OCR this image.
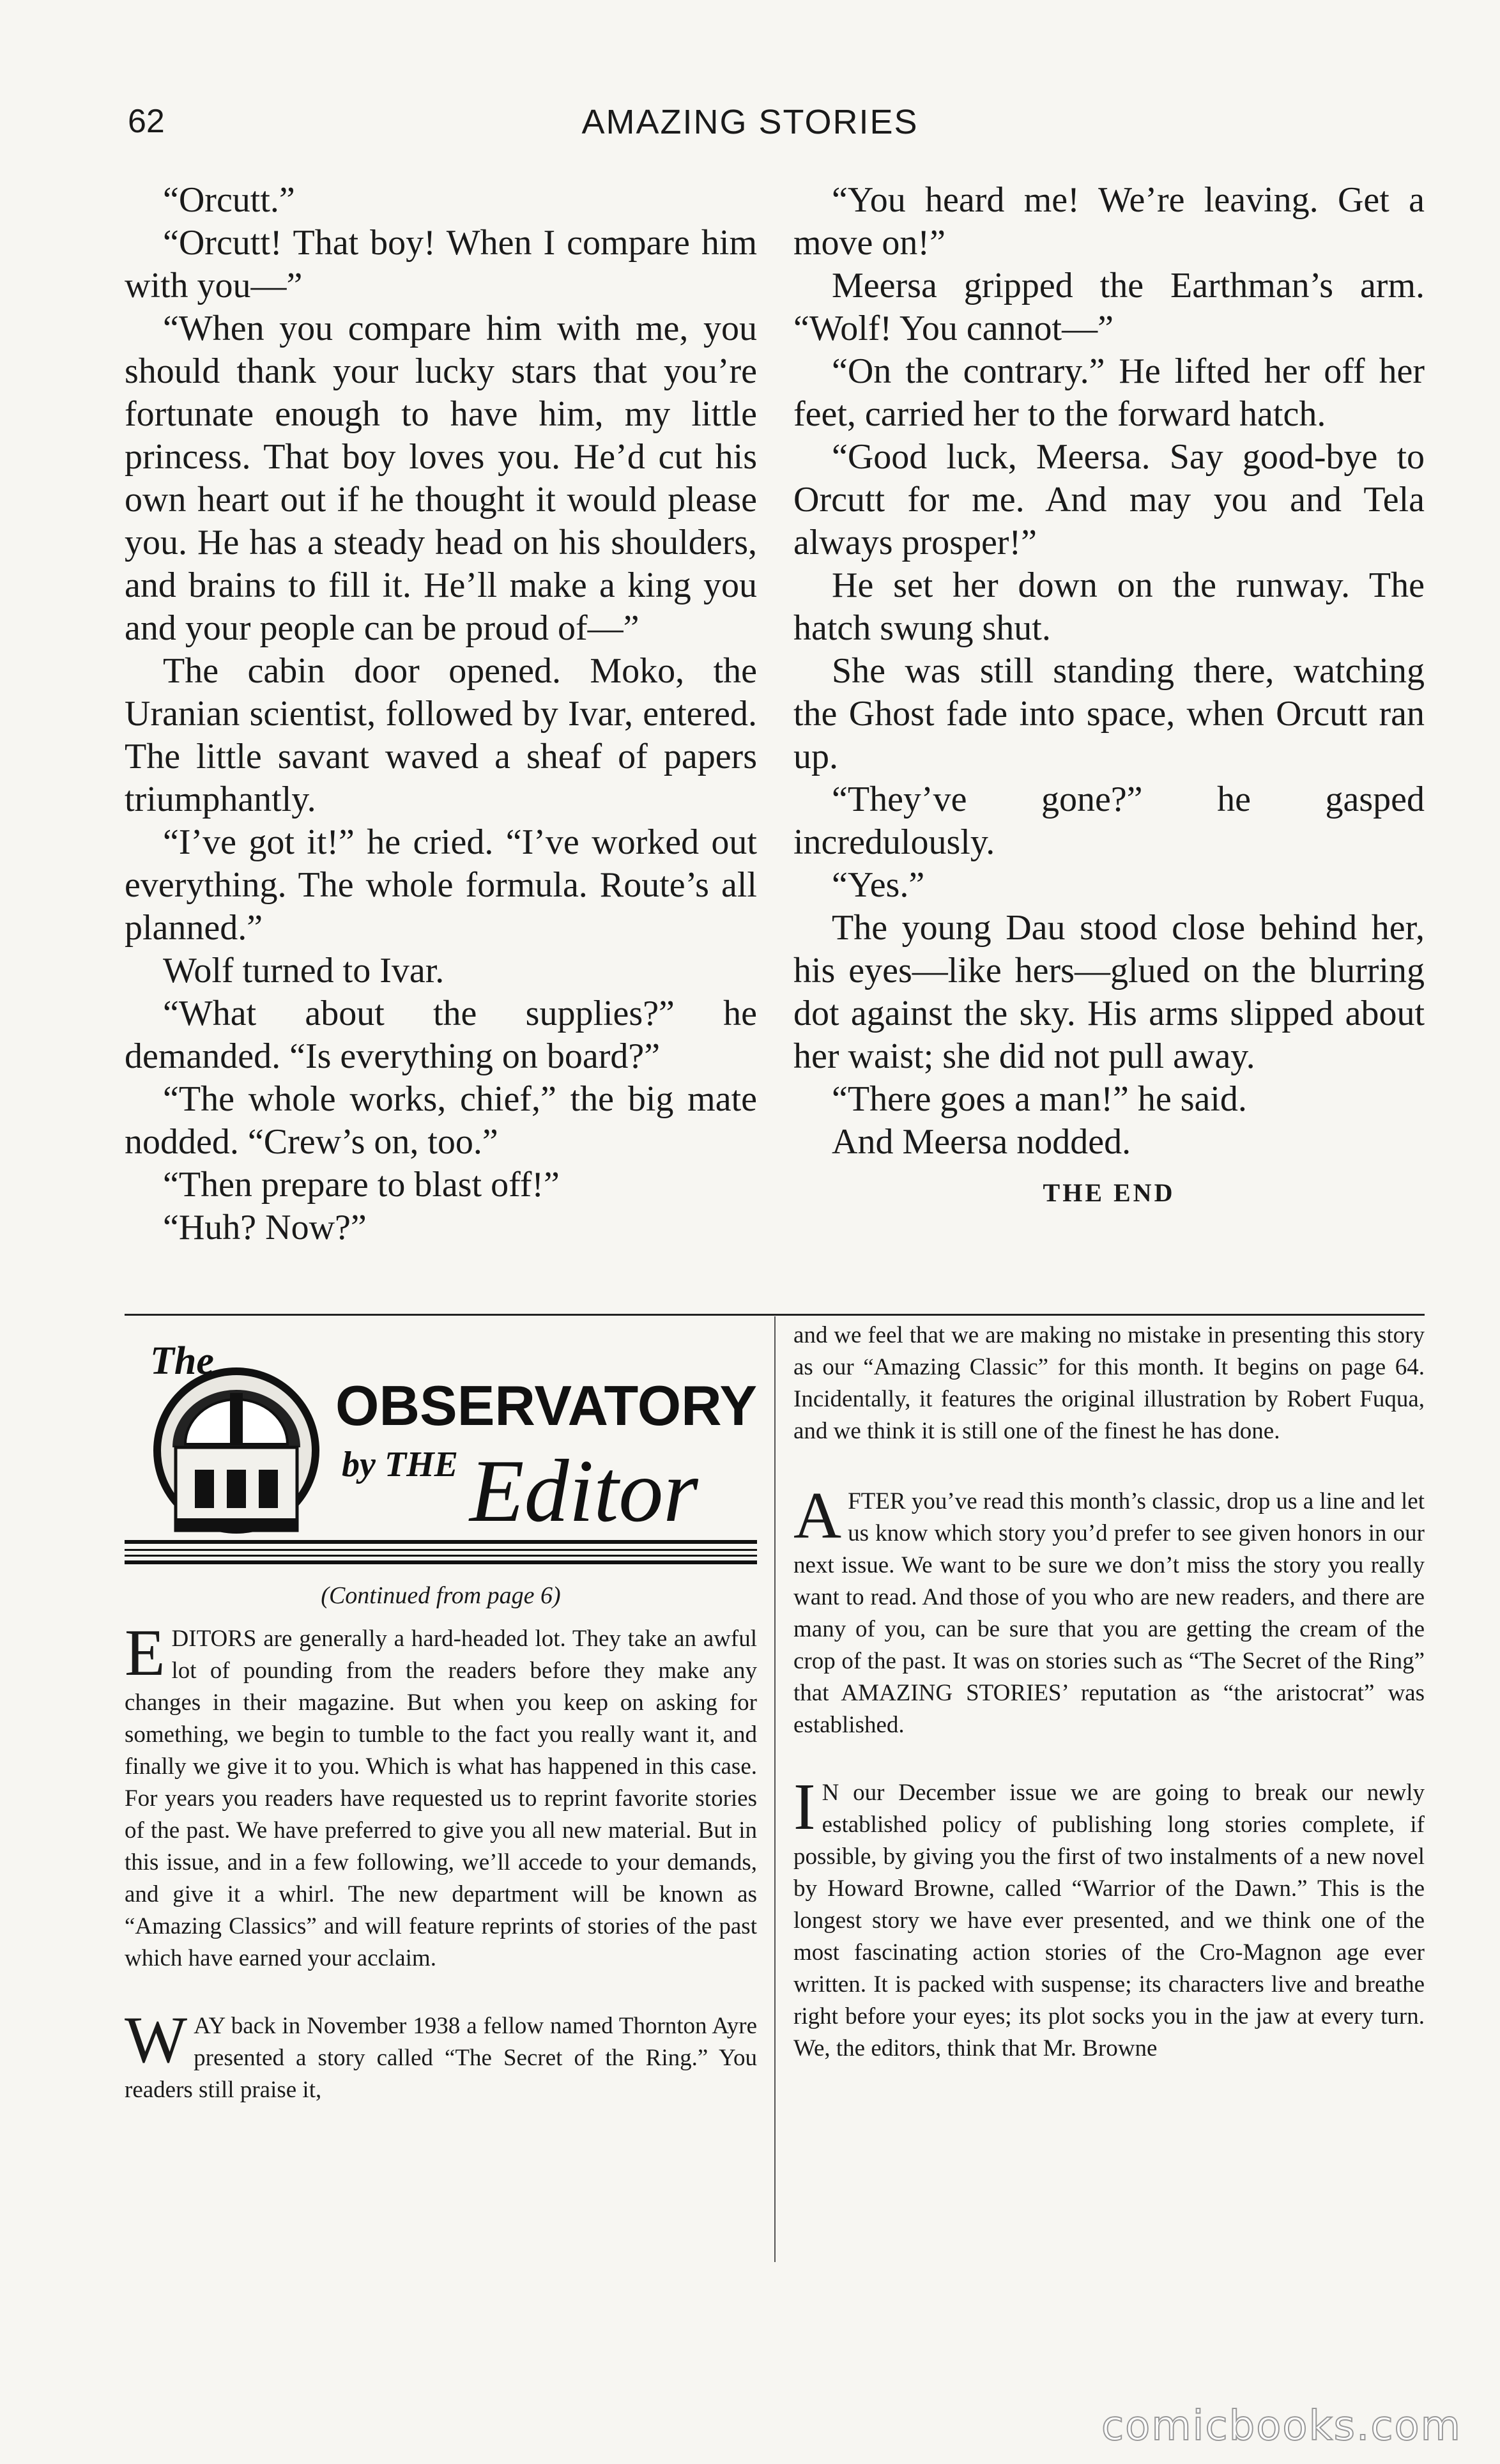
62	AMAZING STORIES

“Orcutt.”

“Orcutt! That boy! When I compare him with you—”

“When you compare him with me, you should thank your lucky stars that you’re fortunate enough to have him, my little princess. That boy loves you. He’d cut his own heart out if he thought it would please you. He has a steady head on his shoulders, and brains to fill it. He’ll make a king you and your people can be proud of—”

The cabin door opened. Moko, the Uranian scientist, followed by Ivar, entered. The little savant waved a sheaf of papers triumphantly.

“I’ve got it!” he cried. “I’ve worked out everything. The whole formula. Route’s all planned.”

Wolf turned to Ivar.

“What about the supplies?” he demanded. “Is everything on board?”

“The whole works, chief,” the big mate nodded. “Crew’s on, too.”

“Then prepare to blast off!”

“Huh? Now?”

“You heard me! We’re leaving. Get a move on!”

Meersa gripped the Earthman’s arm. “Wolf! You cannot—”

“On the contrary.” He lifted her off her feet, carried her to the forward hatch.

“Good luck, Meersa. Say good-bye to Orcutt for me. And may you and Tela always prosper!”

He set her down on the runway. The hatch swung shut.

She was still standing there, watching the Ghost fade into space, when Orcutt ran up.

“They’ve gone?” he gasped incredulously.

“Yes.”

The young Dau stood close behind her, his eyes—like hers—glued on the blurring dot against the sky. His arms slipped about her waist; she did not pull away.

“There goes a man!” he said.

And Meersa nodded.

THE END
The
OBSERVATORY
by THE Editor
(Continued from page 6)

EDITORS are generally a hard-headed lot. They take an awful lot of pounding from the readers before they make any changes in their magazine. But when you keep on asking for something, we begin to tumble to the fact you really want it, and finally we give it to you. Which is what has happened in this case. For years you readers have requested us to reprint favorite stories of the past. We have preferred to give you all new material. But in this issue, and in a few following, we’ll accede to your demands, and give it a whirl. The new department will be known as “Amazing Classics” and will feature reprints of stories of the past which have earned your acclaim.

WAY back in November 1938 a fellow named Thornton Ayre presented a story called “The Secret of the Ring.” You readers still praise it,

and we feel that we are making no mistake in presenting this story as our “Amazing Classic” for this month. It begins on page 64. Incidentally, it features the original illustration by Robert Fuqua, and we think it is still one of the finest he has done.

AFTER you’ve read this month’s classic, drop us a line and let us know which story you’d prefer to see given honors in our next issue. We want to be sure we don’t miss the story you really want to read. And those of you who are new readers, and there are many of you, can be sure that you are getting the cream of the crop of the past. It was on stories such as “The Secret of the Ring” that AMAZING STORIES’ reputation as “the aristocrat” was established.

I N our December issue we are going to break our newly established policy of publishing long stories complete, if possible, by giving you the first of two instalments of a new novel by Howard Browne, called “Warrior of the Dawn.” This is the longest story we have ever presented, and we think one of the most fascinating action stories of the Cro-Magnon age ever written. It is packed with suspense; its characters live and breathe right before your eyes; its plot socks you in the jaw at every turn. We, the editors, think that Mr. Browne

comicbooks.com
